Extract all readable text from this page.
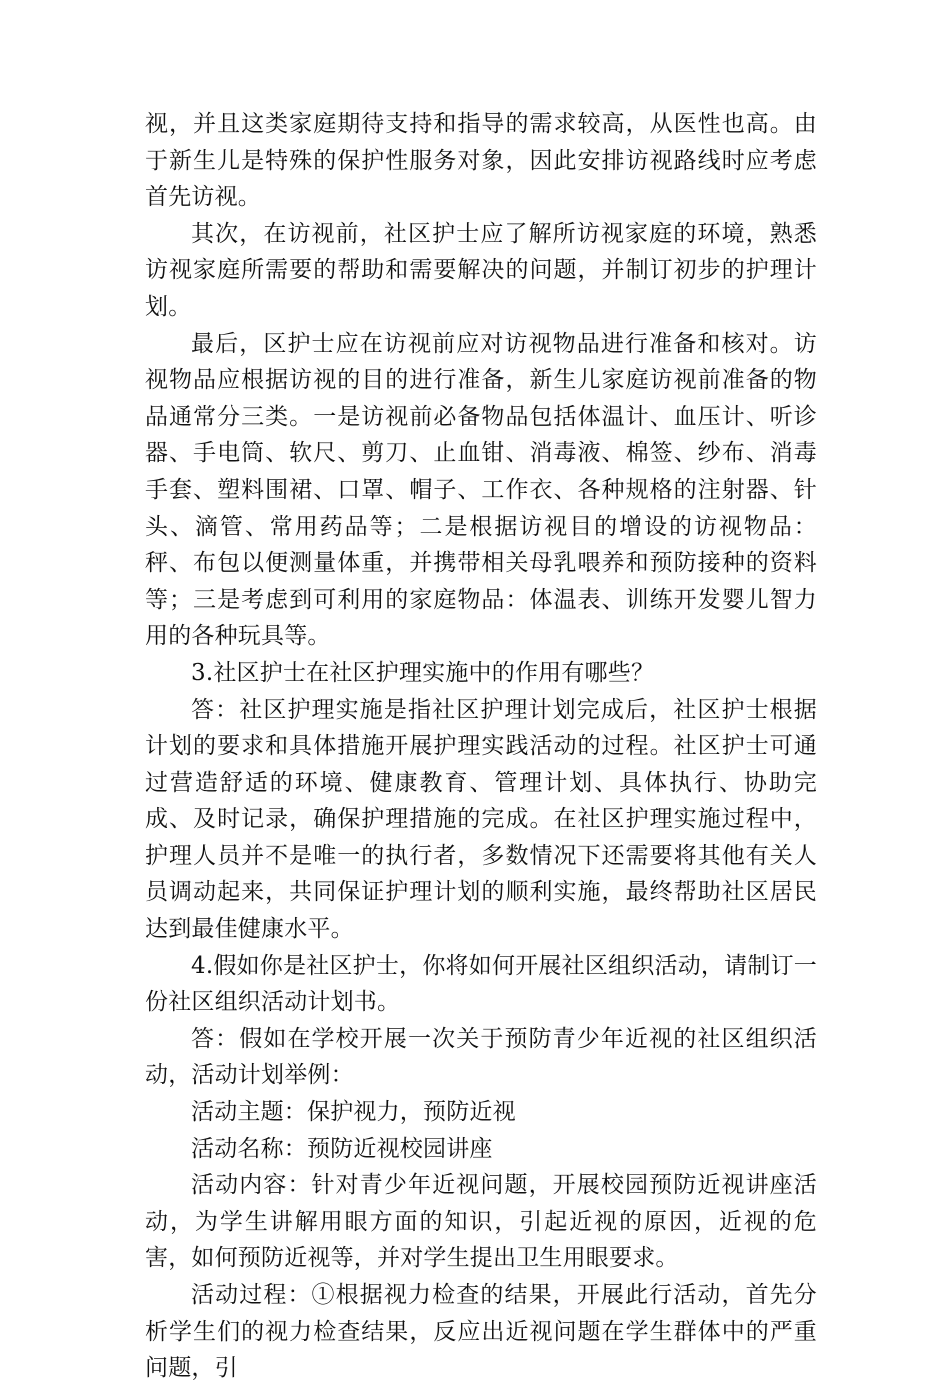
视，并且这类家庭期待支持和指导的需求较高，从医性也高。由于新生儿是特殊的保护性服务对象，因此安排访视路线时应考虑首先访视。

其次，在访视前，社区护士应了解所访视家庭的环境，熟悉访视家庭所需要的帮助和需要解决的问题，并制订初步的护理计划。

最后，区护士应在访视前应对访视物品进行准备和核对。访视物品应根据访视的目的进行准备，新生儿家庭访视前准备的物品通常分三类。一是访视前必备物品包括体温计、血压计、听诊器、手电筒、软尺、剪刀、止血钳、消毒液、棉签、纱布、消毒手套、塑料围裙、口罩、帽子、工作衣、各种规格的注射器、针头、滴管、常用药品等；二是根据访视目的增设的访视物品：秤、布包以便测量体重，并携带相关母乳喂养和预防接种的资料等；三是考虑到可利用的家庭物品：体温表、训练开发婴儿智力用的各种玩具等。

3.社区护士在社区护理实施中的作用有哪些？

答：社区护理实施是指社区护理计划完成后，社区护士根据计划的要求和具体措施开展护理实践活动的过程。社区护士可通过营造舒适的环境、健康教育、管理计划、具体执行、协助完成、及时记录，确保护理措施的完成。在社区护理实施过程中，护理人员并不是唯一的执行者，多数情况下还需要将其他有关人员调动起来，共同保证护理计划的顺利实施，最终帮助社区居民达到最佳健康水平。

4.假如你是社区护士，你将如何开展社区组织活动，请制订一份社区组织活动计划书。

答：假如在学校开展一次关于预防青少年近视的社区组织活动，活动计划举例：

活动主题：保护视力，预防近视

活动名称：预防近视校园讲座

活动内容：针对青少年近视问题，开展校园预防近视讲座活动，为学生讲解用眼方面的知识，引起近视的原因，近视的危害，如何预防近视等，并对学生提出卫生用眼要求。

活动过程：①根据视力检查的结果，开展此行活动，首先分析学生们的视力检查结果，反应出近视问题在学生群体中的严重问题，引
